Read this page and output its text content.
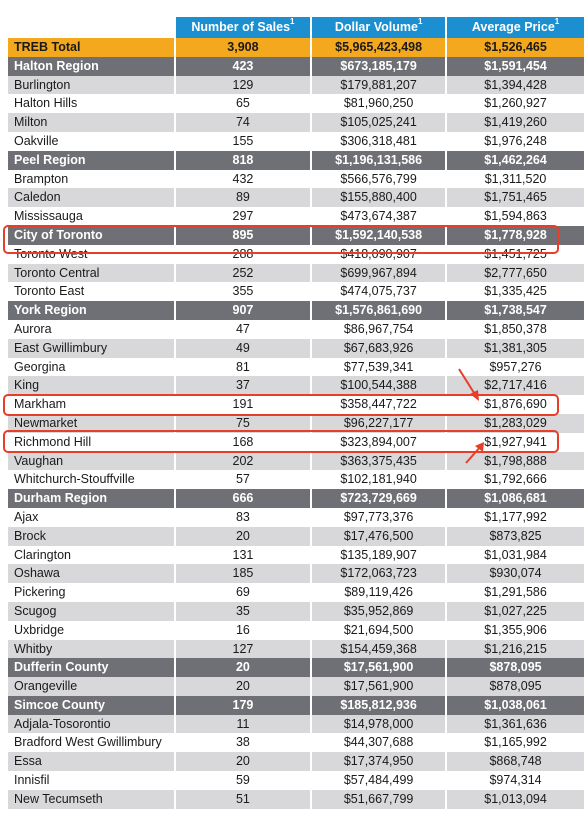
	Number of Sales$^1$	Dollar Volume$^1$	Average Price$^1$
TREB Total	3,908	$5,965,423,498	$1,526,465
Halton Region	423	$673,185,179	$1,591,454
Burlington	129	$179,881,207	$1,394,428
Halton Hills	65	$81,960,250	$1,260,927
Milton	74	$105,025,241	$1,419,260
Oakville	155	$306,318,481	$1,976,248
Peel Region	818	$1,196,131,586	$1,462,264
Brampton	432	$566,576,799	$1,311,520
Caledon	89	$155,880,400	$1,751,465
Mississauga	297	$473,674,387	$1,594,863
City of Toronto	895	$1,592,140,538	$1,778,928
Toronto West	288	$418,090,907	$1,451,725
Toronto Central	252	$699,967,894	$2,777,650
Toronto East	355	$474,075,737	$1,335,425
York Region	907	$1,576,861,690	$1,738,547
Aurora	47	$86,967,754	$1,850,378
East Gwillimbury	49	$67,683,926	$1,381,305
Georgina	81	$77,539,341	$957,276
King	37	$100,544,388	$2,717,416
Markham	191	$358,447,722	$1,876,690
Newmarket	75	$96,227,177	$1,283,029
Richmond Hill	168	$323,894,007	$1,927,941
Vaughan	202	$363,375,435	$1,798,888
Whitchurch-Stouffville	57	$102,181,940	$1,792,666
Durham Region	666	$723,729,669	$1,086,681
Ajax	83	$97,773,376	$1,177,992
Brock	20	$17,476,500	$873,825
Clarington	131	$135,189,907	$1,031,984
Oshawa	185	$172,063,723	$930,074
Pickering	69	$89,119,426	$1,291,586
Scugog	35	$35,952,869	$1,027,225
Uxbridge	16	$21,694,500	$1,355,906
Whitby	127	$154,459,368	$1,216,215
Dufferin County	20	$17,561,900	$878,095
Orangeville	20	$17,561,900	$878,095
Simcoe County	179	$185,812,936	$1,038,061
Adjala-Tosorontio	11	$14,978,000	$1,361,636
Bradford West Gwillimbury	38	$44,307,688	$1,165,992
Essa	20	$17,374,950	$868,748
Innisfil	59	$57,484,499	$974,314
New Tecumseth	51	$51,667,799	$1,013,094
